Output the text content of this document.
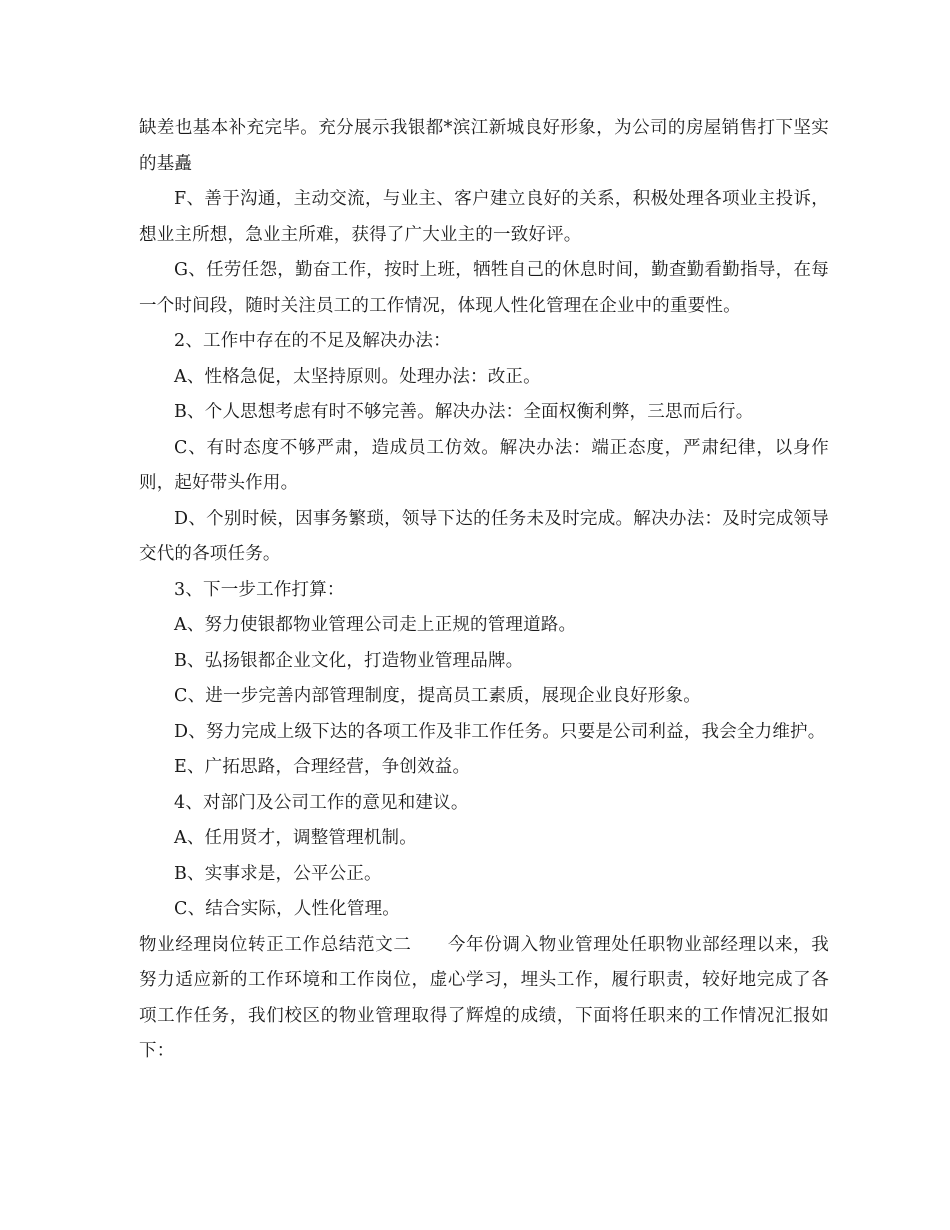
缺差也基本补充完毕。充分展示我银都*滨江新城良好形象，为公司的房屋销售打下坚实的基矗

F、善于沟通，主动交流，与业主、客户建立良好的关系，积极处理各项业主投诉，想业主所想，急业主所难，获得了广大业主的一致好评。

G、任劳任怨，勤奋工作，按时上班，牺牲自己的休息时间，勤查勤看勤指导，在每一个时间段，随时关注员工的工作情况，体现人性化管理在企业中的重要性。

2、工作中存在的不足及解决办法：

A、性格急促，太坚持原则。处理办法：改正。

B、个人思想考虑有时不够完善。解决办法：全面权衡利弊，三思而后行。

C、有时态度不够严肃，造成员工仿效。解决办法：端正态度，严肃纪律，以身作则，起好带头作用。

D、个别时候，因事务繁琐，领导下达的任务未及时完成。解决办法：及时完成领导交代的各项任务。

3、下一步工作打算：

A、努力使银都物业管理公司走上正规的管理道路。

B、弘扬银都企业文化，打造物业管理品牌。

C、进一步完善内部管理制度，提高员工素质，展现企业良好形象。

D、努力完成上级下达的各项工作及非工作任务。只要是公司利益，我会全力维护。

E、广拓思路，合理经营，争创效益。

4、对部门及公司工作的意见和建议。

A、任用贤才，调整管理机制。

B、实事求是，公平公正。

C、结合实际，人性化管理。

物业经理岗位转正工作总结范文二　　今年份调入物业管理处任职物业部经理以来，我努力适应新的工作环境和工作岗位，虚心学习，埋头工作，履行职责，较好地完成了各项工作任务，我们校区的物业管理取得了辉煌的成绩，下面将任职来的工作情况汇报如下：
